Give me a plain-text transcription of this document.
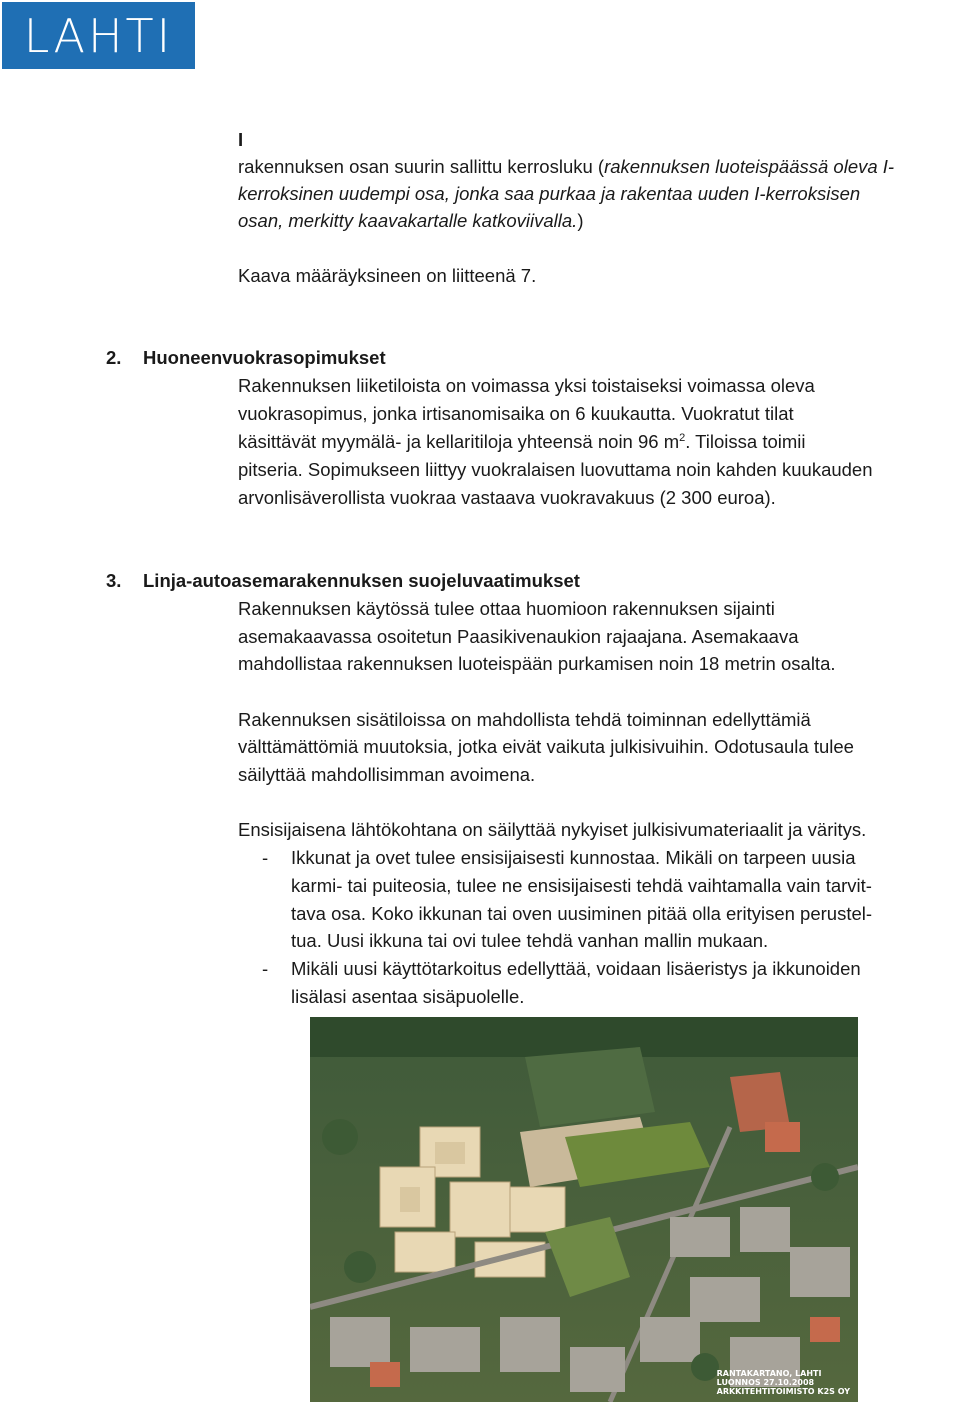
LAHTI
I
rakennuksen osan suurin sallittu kerrosluku (rakennuksen luoteispäässä oleva I-
kerroksinen uudempi osa, jonka saa purkaa ja rakentaa uuden I-kerroksisen
osan, merkitty kaavakartalle katkoviivalla.)
Kaava määräyksineen on liitteenä 7.
2. Huoneenvuokrasopimukset
Rakennuksen liiketiloista on voimassa yksi toistaiseksi voimassa oleva
vuokrasopimus, jonka irtisanomisaika on 6 kuukautta. Vuokratut tilat
käsittävät myymälä- ja kellaritiloja yhteensä noin 96 $m^2$. Tiloissa toimii
pitseria. Sopimukseen liittyy vuokralaisen luovuttama noin kahden kuukauden
arvonlisäverollista vuokraa vastaava vuokravakuus (2 300 euroa).
3. Linja-autoasemarakennuksen suojeluvaatimukset
Rakennuksen käytössä tulee ottaa huomioon rakennuksen sijainti
asemakaavassa osoitetun Paasikivenaukion rajaajana. Asemakaava
mahdollistaa rakennuksen luoteispään purkamisen noin 18 metrin osalta.
Rakennuksen sisätiloissa on mahdollista tehdä toiminnan edellyttämiä
välttämättömiä muutoksia, jotka eivät vaikuta julkisivuihin. Odotusaula tulee
säilyttää mahdollisimman avoimena.
Ensisijaisena lähtökohtana on säilyttää nykyiset julkisivumateriaalit ja väritys.
- Ikkunat ja ovet tulee ensisijaisesti kunnostaa. Mikäli on tarpeen uusia
karmi- tai puiteosia, tulee ne ensisijaisesti tehdä vaihtamalla vain tarvit-
tava osa. Koko ikkunan tai oven uusiminen pitää olla erityisen perustel-
tua. Uusi ikkuna tai ovi tulee tehdä vanhan mallin mukaan.
- Mikäli uusi käyttötarkoitus edellyttää, voidaan lisäeristys ja ikkunoiden
lisälasi asentaa sisäpuolelle.
RANTAKARTANO, LAHTI
LUONNOS 27.10.2008
ARKKITEHTITOIMISTO K2S OY
